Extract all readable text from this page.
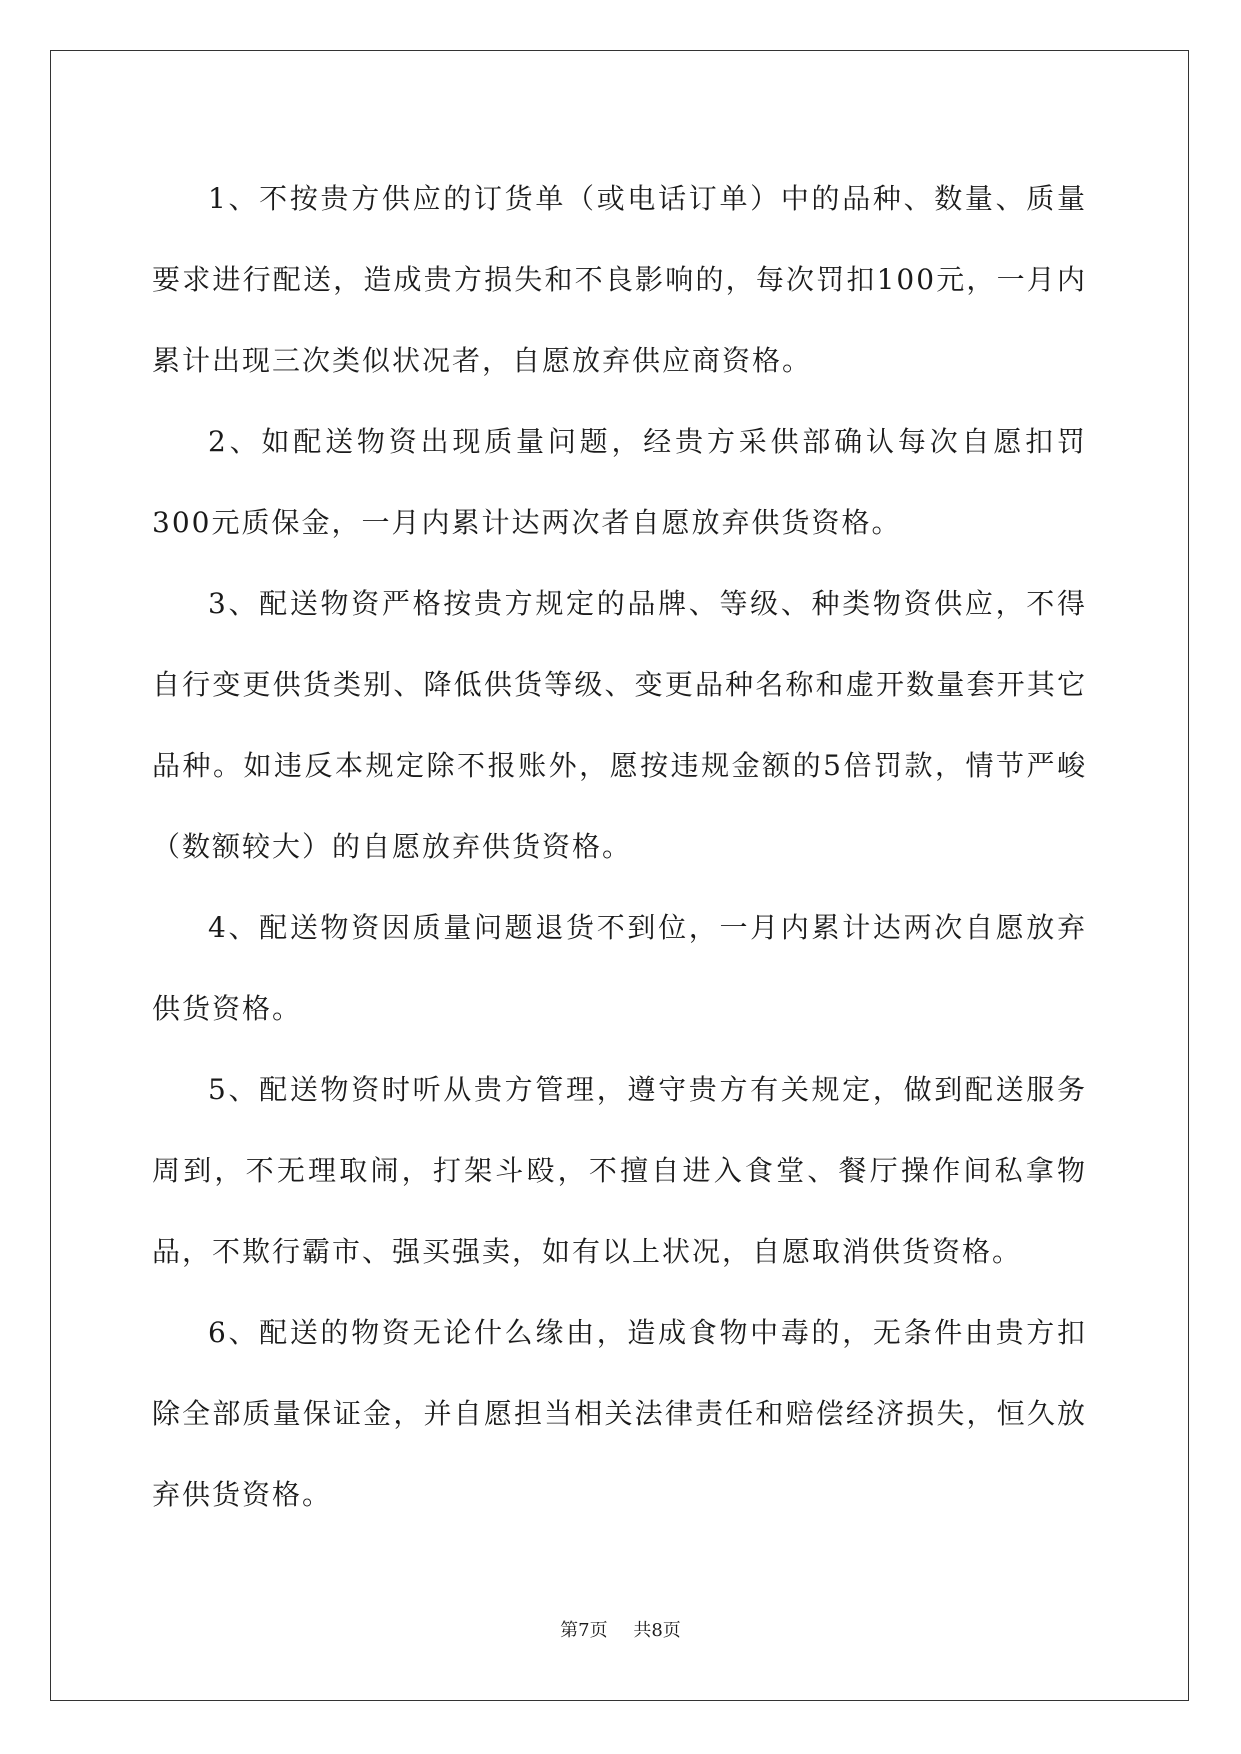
1、不按贵方供应的订货单（或电话订单）中的品种、数量、质量要求进行配送，造成贵方损失和不良影响的，每次罚扣100元，一月内累计出现三次类似状况者，自愿放弃供应商资格。

2、如配送物资出现质量问题，经贵方采供部确认每次自愿扣罚300元质保金，一月内累计达两次者自愿放弃供货资格。

3、配送物资严格按贵方规定的品牌、等级、种类物资供应，不得自行变更供货类别、降低供货等级、变更品种名称和虚开数量套开其它品种。如违反本规定除不报账外，愿按违规金额的5倍罚款，情节严峻（数额较大）的自愿放弃供货资格。

4、配送物资因质量问题退货不到位，一月内累计达两次自愿放弃供货资格。

5、配送物资时听从贵方管理，遵守贵方有关规定，做到配送服务周到，不无理取闹，打架斗殴，不擅自进入食堂、餐厅操作间私拿物品，不欺行霸市、强买强卖，如有以上状况，自愿取消供货资格。

6、配送的物资无论什么缘由，造成食物中毒的，无条件由贵方扣除全部质量保证金，并自愿担当相关法律责任和赔偿经济损失，恒久放弃供货资格。

第7页 共8页
